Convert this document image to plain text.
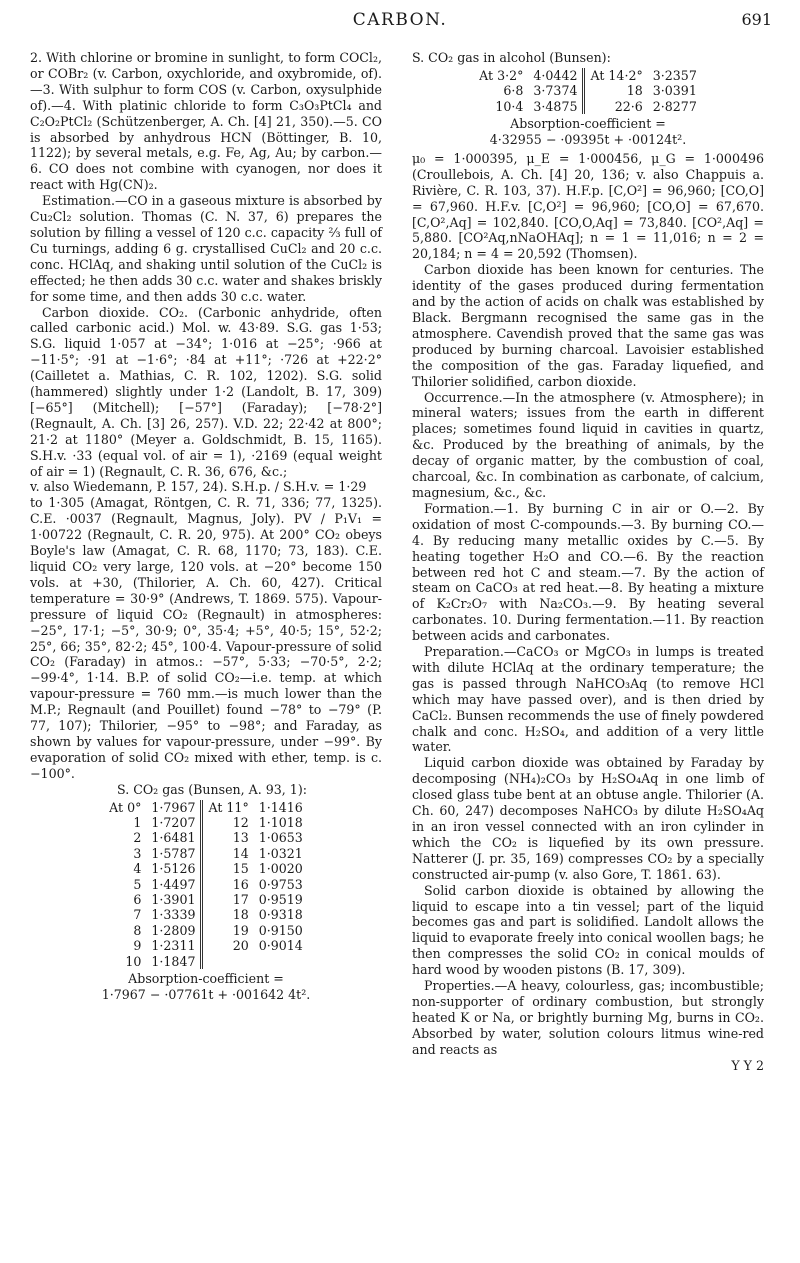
CARBON.	691

2. With chlorine or bromine in sunlight, to form COCl₂, or COBr₂ (v. Carbon, oxychloride, and oxybromide, of).—3. With sulphur to form COS (v. Carbon, oxysulphide of).—4. With platinic chloride to form C₃O₃PtCl₄ and C₂O₂PtCl₂ (Schützenberger, A. Ch. [4] 21, 350).—5. CO is absorbed by anhydrous HCN (Böttinger, B. 10, 1122); by several metals, e.g. Fe, Ag, Au; by carbon.—6. CO does not combine with cyanogen, nor does it react with Hg(CN)₂.

Estimation.—CO in a gaseous mixture is absorbed by Cu₂Cl₂ solution. Thomas (C. N. 37, 6) prepares the solution by filling a vessel of 120 c.c. capacity ⅔ full of Cu turnings, adding 6 g. crystallised CuCl₂ and 20 c.c. conc. HClAq, and shaking until solution of the CuCl₂ is effected; he then adds 30 c.c. water and shakes briskly for some time, and then adds 30 c.c. water.

Carbon dioxide. CO₂. (Carbonic anhydride, often called carbonic acid.) Mol. w. 43·89. S.G. gas 1·53; S.G. liquid 1·057 at −34°; 1·016 at −25°; ·966 at −11·5°; ·91 at −1·6°; ·84 at +11°; ·726 at +22·2° (Cailletet a. Mathias, C. R. 102, 1202). S.G. solid (hammered) slightly under 1·2 (Landolt, B. 17, 309) [−65°] (Mitchell); [−57°] (Faraday); [−78·2°] (Regnault, A. Ch. [3] 26, 257). V.D. 22; 22·42 at 800°; 21·2 at 1180° (Meyer a. Goldschmidt, B. 15, 1165). S.H.v. ·33 (equal vol. of air = 1), ·2169 (equal weight of air = 1) (Regnault, C. R. 36, 676, &c.;

v. also Wiedemann, P. 157, 24). S.H.p. / S.H.v. = 1·29

to 1·305 (Amagat, Röntgen, C. R. 71, 336; 77, 1325). C.E. ·0037 (Regnault, Magnus, Joly). PV / P₁V₁ = 1·00722 (Regnault, C. R. 20, 975). At 200° CO₂ obeys Boyle's law (Amagat, C. R. 68, 1170; 73, 183). C.E. liquid CO₂ very large, 120 vols. at −20° become 150 vols. at +30, (Thilorier, A. Ch. 60, 427). Critical temperature = 30·9° (Andrews, T. 1869. 575). Vapour-pressure of liquid CO₂ (Regnault) in atmospheres: −25°, 17·1; −5°, 30·9; 0°, 35·4; +5°, 40·5; 15°, 52·2; 25°, 66; 35°, 82·2; 45°, 100·4. Vapour-pressure of solid CO₂ (Faraday) in atmos.: −57°, 5·33; −70·5°, 2·2; −99·4°, 1·14. B.P. of solid CO₂—i.e. temp. at which vapour-pressure = 760 mm.—is much lower than the M.P.; Regnault (and Pouillet) found −78° to −79° (P. 77, 107); Thilorier, −95° to −98°; and Faraday, as shown by values for vapour-pressure, under −99°. By evaporation of solid CO₂ mixed with ether, temp. is c. −100°.

S. CO₂ gas (Bunsen, A. 93, 1):

At 0°	1·7967		At 11°	1·1416
1	1·7207		12	1·1018
2	1·6481		13	1·0653
3	1·5787		14	1·0321
4	1·5126		15	1·0020
5	1·4497		16	0·9753
6	1·3901		17	0·9519
7	1·3339		18	0·9318
8	1·2809		19	0·9150
9	1·2311		20	0·9014
10	1·1847			

Absorption-coefficient =

1·7967 − ·07761t + ·001642 4t².

S. CO₂ gas in alcohol (Bunsen):

At 3·2°	4·0442		At 14·2°	3·2357
6·8	3·7374		18	3·0391
10·4	3·4875		22·6	2·8277

Absorption-coefficient =

4·32955 − ·09395t + ·00124t².

μ₀ = 1·000395, μ_E = 1·000456, μ_G = 1·000496 (Croullebois, A. Ch. [4] 20, 136; v. also Chappuis a. Rivière, C. R. 103, 37). H.F.p. [C,O²] = 96,960; [CO,O] = 67,960. H.F.v. [C,O²] = 96,960; [CO,O] = 67,670. [C,O²,Aq] = 102,840. [CO,O,Aq] = 73,840. [CO²,Aq] = 5,880. [CO²Aq,nNaOHAq]; n = 1 = 11,016; n = 2 = 20,184; n = 4 = 20,592 (Thomsen).

Carbon dioxide has been known for centuries. The identity of the gases produced during fermentation and by the action of acids on chalk was established by Black. Bergmann recognised the same gas in the atmosphere. Cavendish proved that the same gas was produced by burning charcoal. Lavoisier established the composition of the gas. Faraday liquefied, and Thilorier solidified, carbon dioxide.

Occurrence.—In the atmosphere (v. Atmosphere); in mineral waters; issues from the earth in different places; sometimes found liquid in cavities in quartz, &c. Produced by the breathing of animals, by the decay of organic matter, by the combustion of coal, charcoal, &c. In combination as carbonate, of calcium, magnesium, &c., &c.

Formation.—1. By burning C in air or O.—2. By oxidation of most C-compounds.—3. By burning CO.—4. By reducing many metallic oxides by C.—5. By heating together H₂O and CO.—6. By the reaction between red hot C and steam.—7. By the action of steam on CaCO₃ at red heat.—8. By heating a mixture of K₂Cr₂O₇ with Na₂CO₃.—9. By heating several carbonates. 10. During fermentation.—11. By reaction between acids and carbonates.

Preparation.—CaCO₃ or MgCO₃ in lumps is treated with dilute HClAq at the ordinary temperature; the gas is passed through NaHCO₃Aq (to remove HCl which may have passed over), and is then dried by CaCl₂. Bunsen recommends the use of finely powdered chalk and conc. H₂SO₄, and addition of a very little water.

Liquid carbon dioxide was obtained by Faraday by decomposing (NH₄)₂CO₃ by H₂SO₄Aq in one limb of closed glass tube bent at an obtuse angle. Thilorier (A. Ch. 60, 247) decomposes NaHCO₃ by dilute H₂SO₄Aq in an iron vessel connected with an iron cylinder in which the CO₂ is liquefied by its own pressure. Natterer (J. pr. 35, 169) compresses CO₂ by a specially constructed air-pump (v. also Gore, T. 1861. 63).

Solid carbon dioxide is obtained by allowing the liquid to escape into a tin vessel; part of the liquid becomes gas and part is solidified. Landolt allows the liquid to evaporate freely into conical woollen bags; he then compresses the solid CO₂ in conical moulds of hard wood by wooden pistons (B. 17, 309).

Properties.—A heavy, colourless, gas; incombustible; non-supporter of ordinary combustion, but strongly heated K or Na, or brightly burning Mg, burns in CO₂. Absorbed by water, solution colours litmus wine-red and reacts as

Y Y 2
